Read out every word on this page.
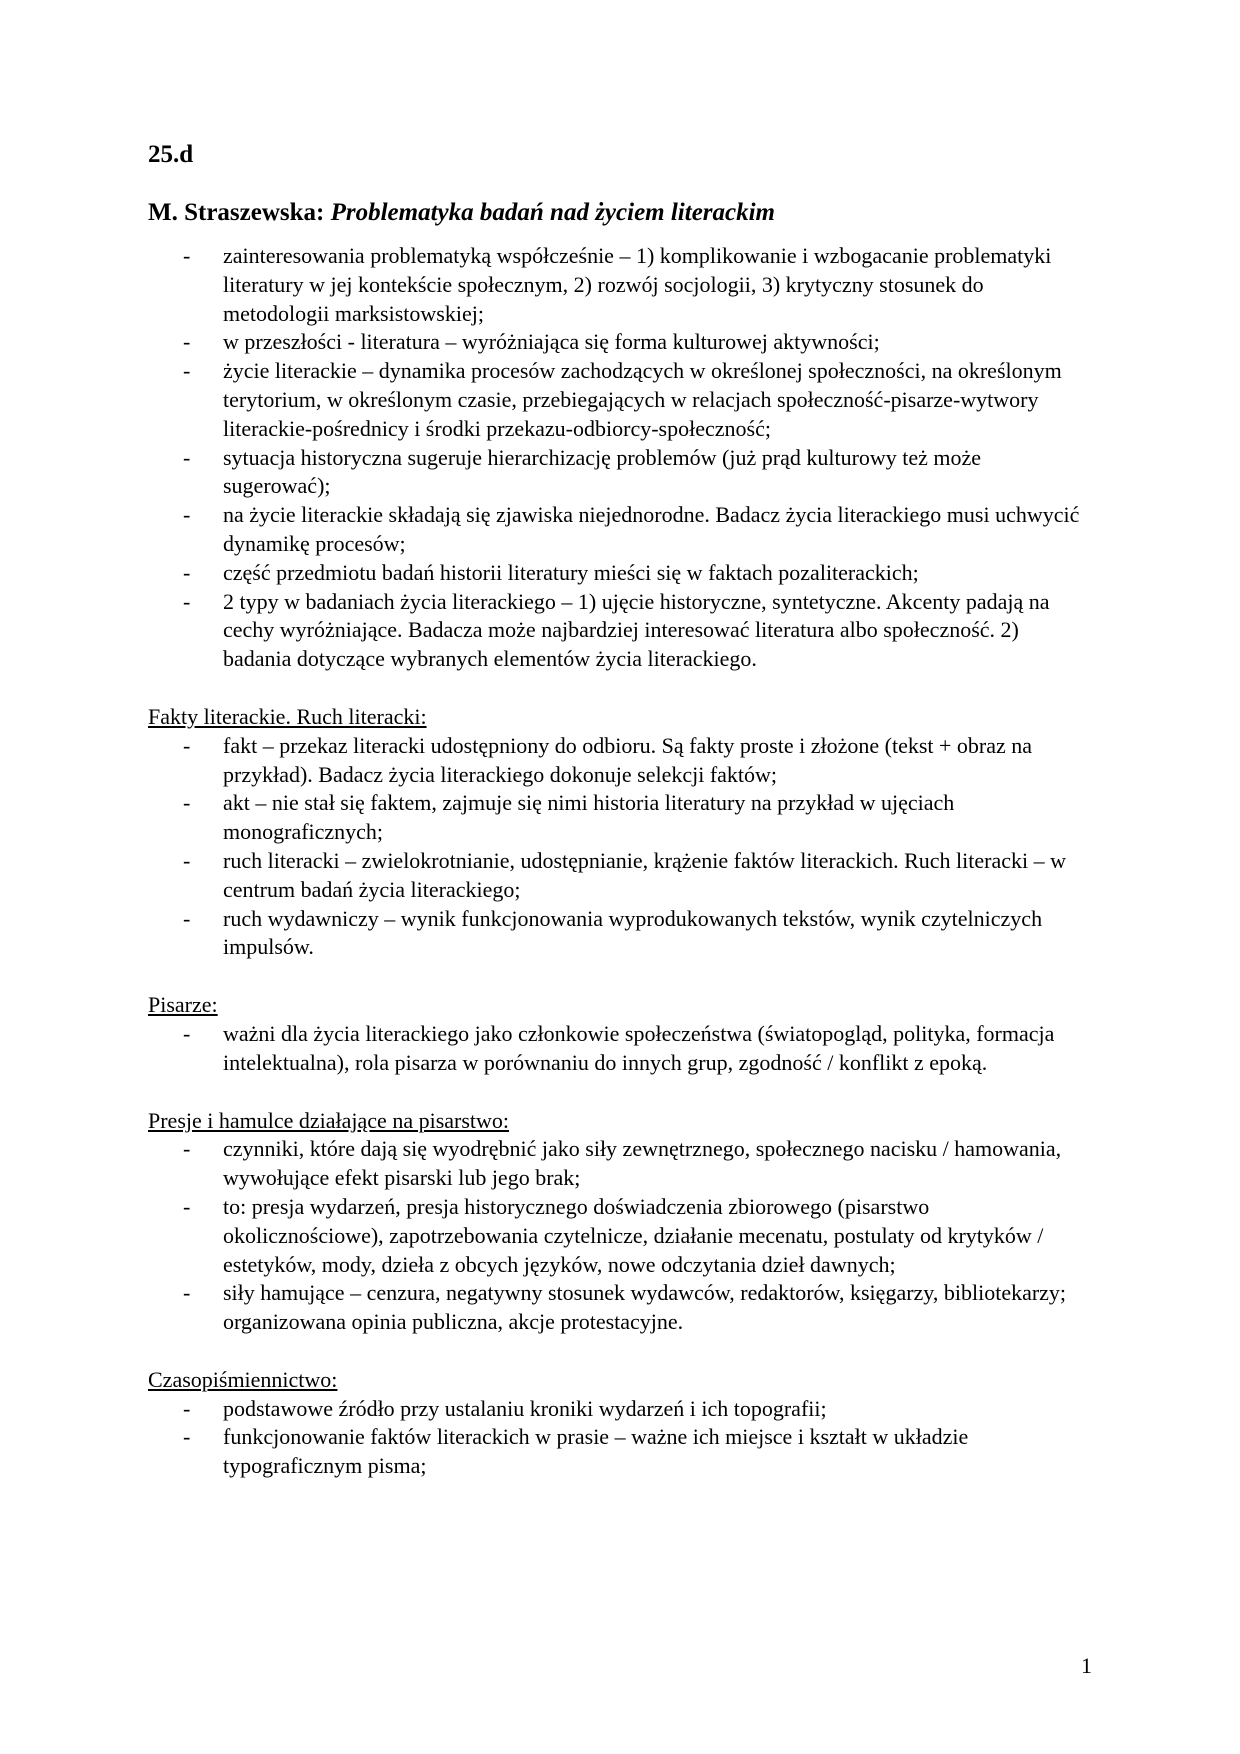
25.d
M. Straszewska: Problematyka badań nad życiem literackim
- zainteresowania problematyką współcześnie – 1) komplikowanie i wzbogacanie problematyki literatury w jej kontekście społecznym, 2) rozwój socjologii, 3) krytyczny stosunek do metodologii marksistowskiej;
- w przeszłości - literatura – wyróżniająca się forma kulturowej aktywności;
- życie literackie – dynamika procesów zachodzących w określonej społeczności, na określonym terytorium, w określonym czasie, przebiegających w relacjach społeczność-pisarze-wytwory literackie-pośrednicy i środki przekazu-odbiorcy-społeczność;
- sytuacja historyczna sugeruje hierarchizację problemów (już prąd kulturowy też może sugerować);
- na życie literackie składają się zjawiska niejednorodne. Badacz życia literackiego musi uchwycić dynamikę procesów;
- część przedmiotu badań historii literatury mieści się w faktach pozaliterackich;
- 2 typy w badaniach życia literackiego – 1) ujęcie historyczne, syntetyczne. Akcenty padają na cechy wyróżniające. Badacza może najbardziej interesować literatura albo społeczność. 2) badania dotyczące wybranych elementów życia literackiego.
Fakty literackie. Ruch literacki:
- fakt – przekaz literacki udostępniony do odbioru. Są fakty proste i złożone (tekst + obraz na przykład). Badacz życia literackiego dokonuje selekcji faktów;
- akt – nie stał się faktem, zajmuje się nimi historia literatury na przykład w ujęciach monograficznych;
- ruch literacki – zwielokrotnianie, udostępnianie, krążenie faktów literackich. Ruch literacki – w centrum badań życia literackiego;
- ruch wydawniczy – wynik funkcjonowania wyprodukowanych tekstów, wynik czytelniczych impulsów.
Pisarze:
- ważni dla życia literackiego jako członkowie społeczeństwa (światopogląd, polityka, formacja intelektualna), rola pisarza w porównaniu do innych grup, zgodność / konflikt z epoką.
Presje i hamulce działające na pisarstwo:
- czynniki, które dają się wyodrębnić jako siły zewnętrznego, społecznego nacisku / hamowania, wywołujące efekt pisarski lub jego brak;
- to: presja wydarzeń, presja historycznego doświadczenia zbiorowego (pisarstwo okolicznościowe), zapotrzebowania czytelnicze, działanie mecenatu, postulaty od krytyków / estetyków, mody, dzieła z obcych języków, nowe odczytania dzieł dawnych;
- siły hamujące – cenzura, negatywny stosunek wydawców, redaktorów, księgarzy, bibliotekarzy; organizowana opinia publiczna, akcje protestacyjne.
Czasopiśmiennictwo:
- podstawowe źródło przy ustalaniu kroniki wydarzeń i ich topografii;
- funkcjonowanie faktów literackich w prasie – ważne ich miejsce i kształt w układzie typograficznym pisma;
1
